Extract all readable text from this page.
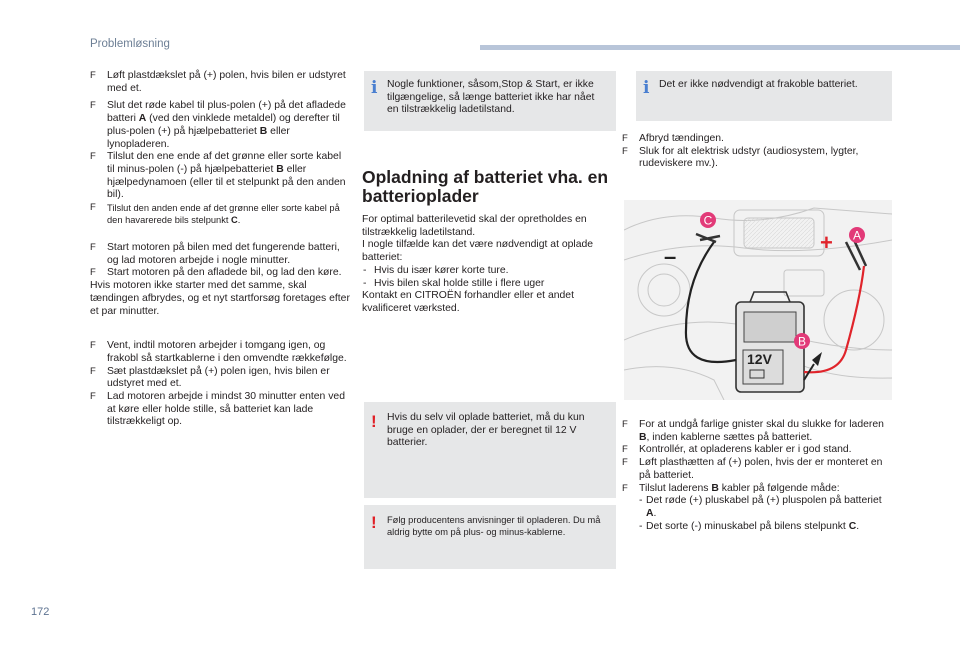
Problemløsning

F Løft plastdækslet på (+) polen, hvis bilen er udstyret med et.

F Slut det røde kabel til plus-polen (+) på det afladede batteri A (ved den vinklede metaldel) og derefter til plus-polen (+) på hjælpebatteriet B eller lynopladeren.

F Tilslut den ene ende af det grønne eller sorte kabel til minus-polen (-) på hjælpebatteriet B eller hjælpedynamoen (eller til et stelpunkt på den anden bil).

F Tilslut den anden ende af det grønne eller sorte kabel på den havarerede bils stelpunkt C.

F Start motoren på bilen med det fungerende batteri, og lad motoren arbejde i nogle minutter.

F Start motoren på den afladede bil, og lad den køre.

Hvis motoren ikke starter med det samme, skal tændingen afbrydes, og et nyt startforsøg foretages efter et par minutter.

F Vent, indtil motoren arbejder i tomgang igen, og frakobl så startkablerne i den omvendte rækkefølge.

F Sæt plastdækslet på (+) polen igen, hvis bilen er udstyret med et.

F Lad motoren arbejde i mindst 30 minutter enten ved at køre eller holde stille, så batteriet kan lade tilstrækkeligt op.

i Nogle funktioner, såsom,Stop & Start, er ikke tilgængelige, så længe batteriet ikke har nået en tilstrækkelig ladetilstand.
Opladning af batteriet vha. en batterioplader

For optimal batterilevetid skal der opretholdes en tilstrækkelig ladetilstand.

I nogle tilfælde kan det være nødvendigt at oplade batteriet:

- Hvis du især kører korte ture.

- Hvis bilen skal holde stille i flere uger

Kontakt en CITROËN forhandler eller et andet kvalificeret værksted.

! Hvis du selv vil oplade batteriet, må du kun bruge en oplader, der er beregnet til 12 V batterier.
! Følg producentens anvisninger til opladeren. Du må aldrig bytte om på plus- og minus-kablerne.
i Det er ikke nødvendigt at frakoble batteriet.

F Afbryd tændingen.

F Sluk for alt elektrisk udstyr (audiosystem, lygter, rudeviskere mv.).

12V
+
–
C
A
B

F For at undgå farlige gnister skal du slukke for laderen B, inden kablerne sættes på batteriet.

F Kontrollér, at opladerens kabler er i god stand.

F Løft plasthætten af (+) polen, hvis der er monteret en på batteriet.

F Tilslut laderens B kabler på følgende måde:

- Det røde (+) pluskabel på (+) pluspolen på batteriet A.

- Det sorte (-) minuskabel på bilens stelpunkt C.

172
